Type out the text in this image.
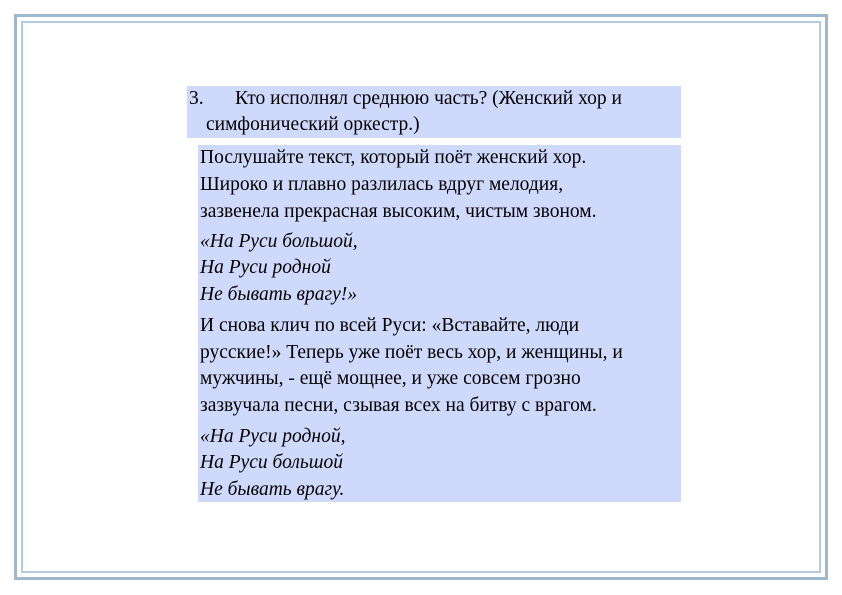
3. Кто исполнял среднюю часть? (Женский хор и
симфонический оркестр.)
Послушайте текст, который поёт женский хор.
Широко и плавно разлилась вдруг мелодия,
зазвенела прекрасная высоким, чистым звоном.
«На Руси большой,
На Руси родной
Не бывать врагу!»
И снова клич по всей Руси: «Вставайте, люди
русские!» Теперь уже поёт весь хор, и женщины, и
мужчины, - ещё мощнее, и уже совсем грозно
зазвучала песни, сзывая всех на битву с врагом.
«На Руси родной,
На Руси большой
Не бывать врагу.
